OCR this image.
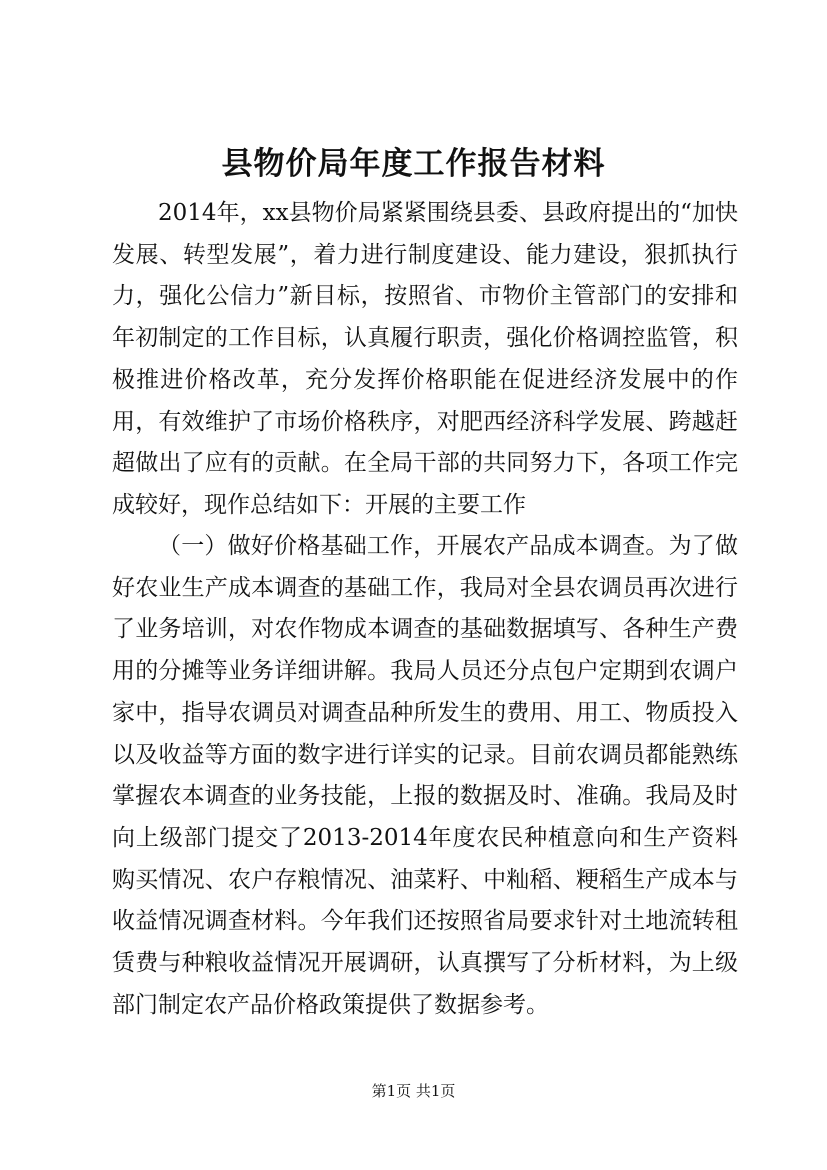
县物价局年度工作报告材料
2014年，xx县物价局紧紧围绕县委、县政府提出的“加快发展、转型发展”，着力进行制度建设、能力建设，狠抓执行力，强化公信力”新目标，按照省、市物价主管部门的安排和年初制定的工作目标，认真履行职责，强化价格调控监管，积极推进价格改革，充分发挥价格职能在促进经济发展中的作用，有效维护了市场价格秩序，对肥西经济科学发展、跨越赶超做出了应有的贡献。在全局干部的共同努力下，各项工作完成较好，现作总结如下：开展的主要工作
（一）做好价格基础工作，开展农产品成本调查。为了做好农业生产成本调查的基础工作，我局对全县农调员再次进行了业务培训，对农作物成本调查的基础数据填写、各种生产费用的分摊等业务详细讲解。我局人员还分点包户定期到农调户家中，指导农调员对调查品种所发生的费用、用工、物质投入以及收益等方面的数字进行详实的记录。目前农调员都能熟练掌握农本调查的业务技能，上报的数据及时、准确。我局及时向上级部门提交了2013-2014年度农民种植意向和生产资料购买情况、农户存粮情况、油菜籽、中籼稻、粳稻生产成本与收益情况调查材料。今年我们还按照省局要求针对土地流转租赁费与种粮收益情况开展调研，认真撰写了分析材料，为上级部门制定农产品价格政策提供了数据参考。
第1页 共1页
